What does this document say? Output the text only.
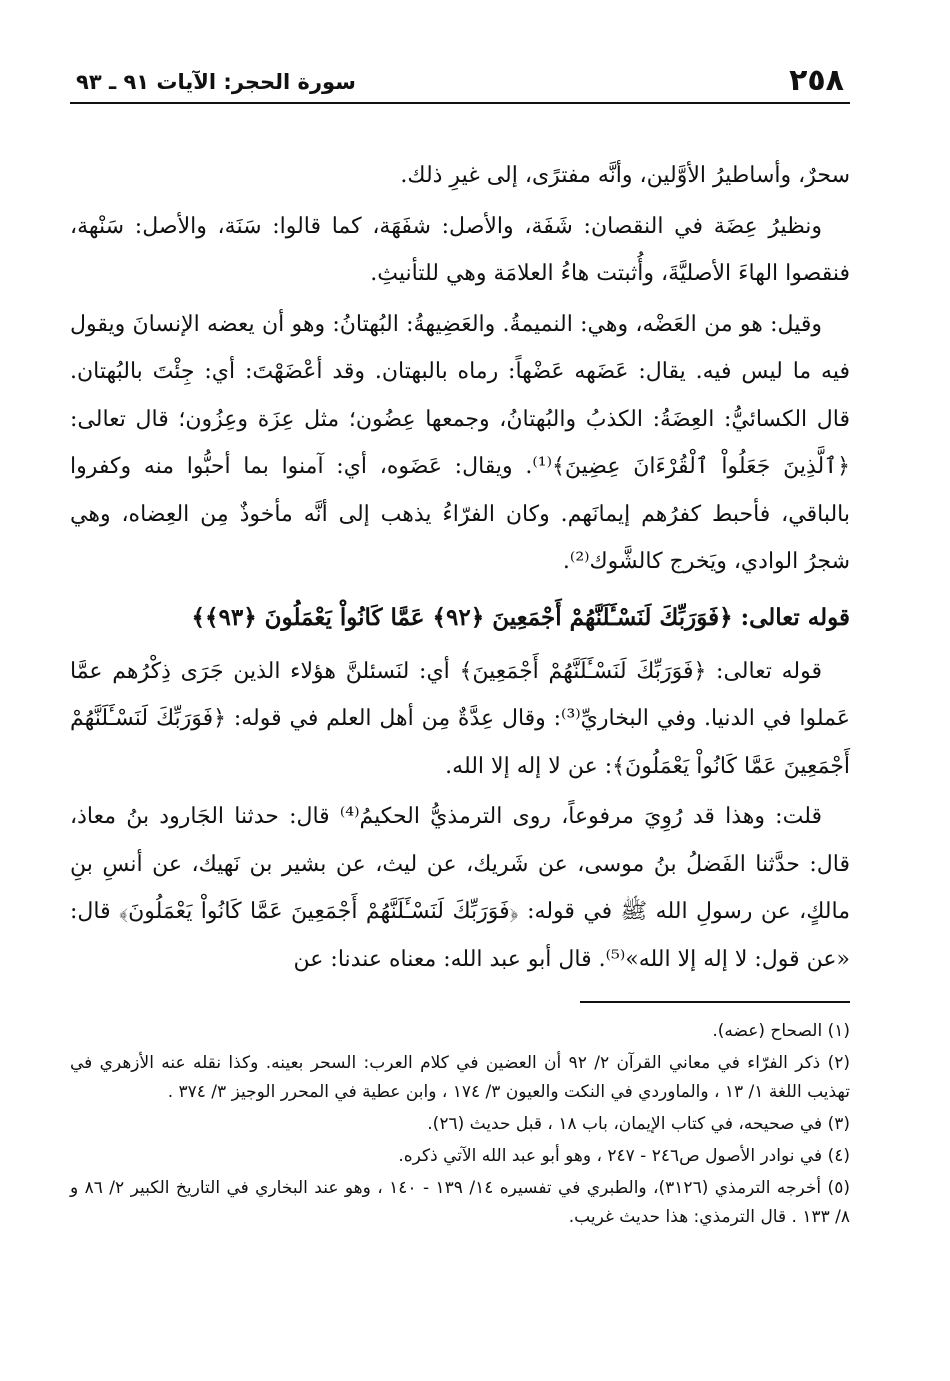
٢٥٨
سورة الحجر: الآيات ٩١ ـ ٩٣

سحرٌ، وأساطيرُ الأوَّلين، وأنَّه مفترًى، إلى غيرِ ذلك.

ونظيرُ عِضَة في النقصان: شَفَة، والأصل: شفَهَة، كما قالوا: سَنَة، والأصل: سَنْهة، فنقصوا الهاءَ الأصليَّةَ، وأُثبتت هاءُ العلامَة وهي للتأنيثِ.

وقيل: هو من العَضْه، وهي: النميمةُ. والعَضِيهةُ: البُهتانُ: وهو أن يعضه الإنسانَ ويقول فيه ما ليس فيه. يقال: عَضَهه عَضْهاً: رماه بالبهتان. وقد أعْضَهْتَ: أي: جِئْتَ بالبُهتان. قال الكسائيُّ: العِضَةُ: الكذبُ والبُهتانُ، وجمعها عِضُون؛ مثل عِزَة وعِزُون؛ قال تعالى: ﴿ٱلَّذِينَ جَعَلُواْ ٱلْقُرْءَانَ عِضِينَ﴾⁽¹⁾. ويقال: عَضَوه، أي: آمنوا بما أحبُّوا منه وكفروا بالباقي، فأحبط كفرُهم إيمانَهم. وكان الفرّاءُ يذهب إلى أنَّه مأخوذٌ مِن العِضاه، وهي شجرُ الوادي، ويَخرج كالشَّوك⁽²⁾.

قوله تعالى: ﴿فَوَرَبِّكَ لَنَسْـَٔلَنَّهُمْ أَجْمَعِينَ ﴿٩٢﴾ عَمَّا كَانُواْ يَعْمَلُونَ ﴿٩٣﴾﴾

قوله تعالى: ﴿فَوَرَبِّكَ لَنَسْـَٔلَنَّهُمْ أَجْمَعِينَ﴾ أي: لنَسئلنَّ هؤلاء الذين جَرَى ذِكْرُهم عمَّا عَملوا في الدنيا. وفي البخاريِّ⁽³⁾: وقال عِدَّةٌ مِن أهل العلم في قوله: ﴿فَوَرَبِّكَ لَنَسْـَٔلَنَّهُمْ أَجْمَعِينَ عَمَّا كَانُواْ يَعْمَلُونَ﴾: عن لا إله إلا الله.

قلت: وهذا قد رُوِيَ مرفوعاً، روى الترمذيُّ الحكيمُ⁽⁴⁾ قال: حدثنا الجَارود بنُ معاذ، قال: حدَّثنا الفَضلُ بنُ موسى، عن شَريك، عن ليث، عن بشير بن نَهيك، عن أنسِ بنِ مالكٍ، عن رسولِ الله ﷺ في قوله: ﴿فَوَرَبِّكَ لَنَسْـَٔلَنَّهُمْ أَجْمَعِينَ عَمَّا كَانُواْ يَعْمَلُونَ﴾ قال: «عن قول: لا إله إلا الله»⁽⁵⁾. قال أبو عبد الله: معناه عندنا: عن

(١) الصحاح (عضه).

(٢) ذكر الفرّاء في معاني القرآن ٢/ ٩٢ أن العضين في كلام العرب: السحر بعينه. وكذا نقله عنه الأزهري في تهذيب اللغة ١/ ١٣ ، والماوردي في النكت والعيون ٣/ ١٧٤ ، وابن عطية في المحرر الوجيز ٣/ ٣٧٤ .

(٣) في صحيحه، في كتاب الإيمان، باب ١٨ ، قبل حديث (٢٦).

(٤) في نوادر الأصول ص٢٤٦ - ٢٤٧ ، وهو أبو عبد الله الآتي ذكره.

(٥) أخرجه الترمذي (٣١٢٦)، والطبري في تفسيره ١٤/ ١٣٩ - ١٤٠ ، وهو عند البخاري في التاريخ الكبير ٢/ ٨٦ و ٨/ ١٣٣ . قال الترمذي: هذا حديث غريب.
